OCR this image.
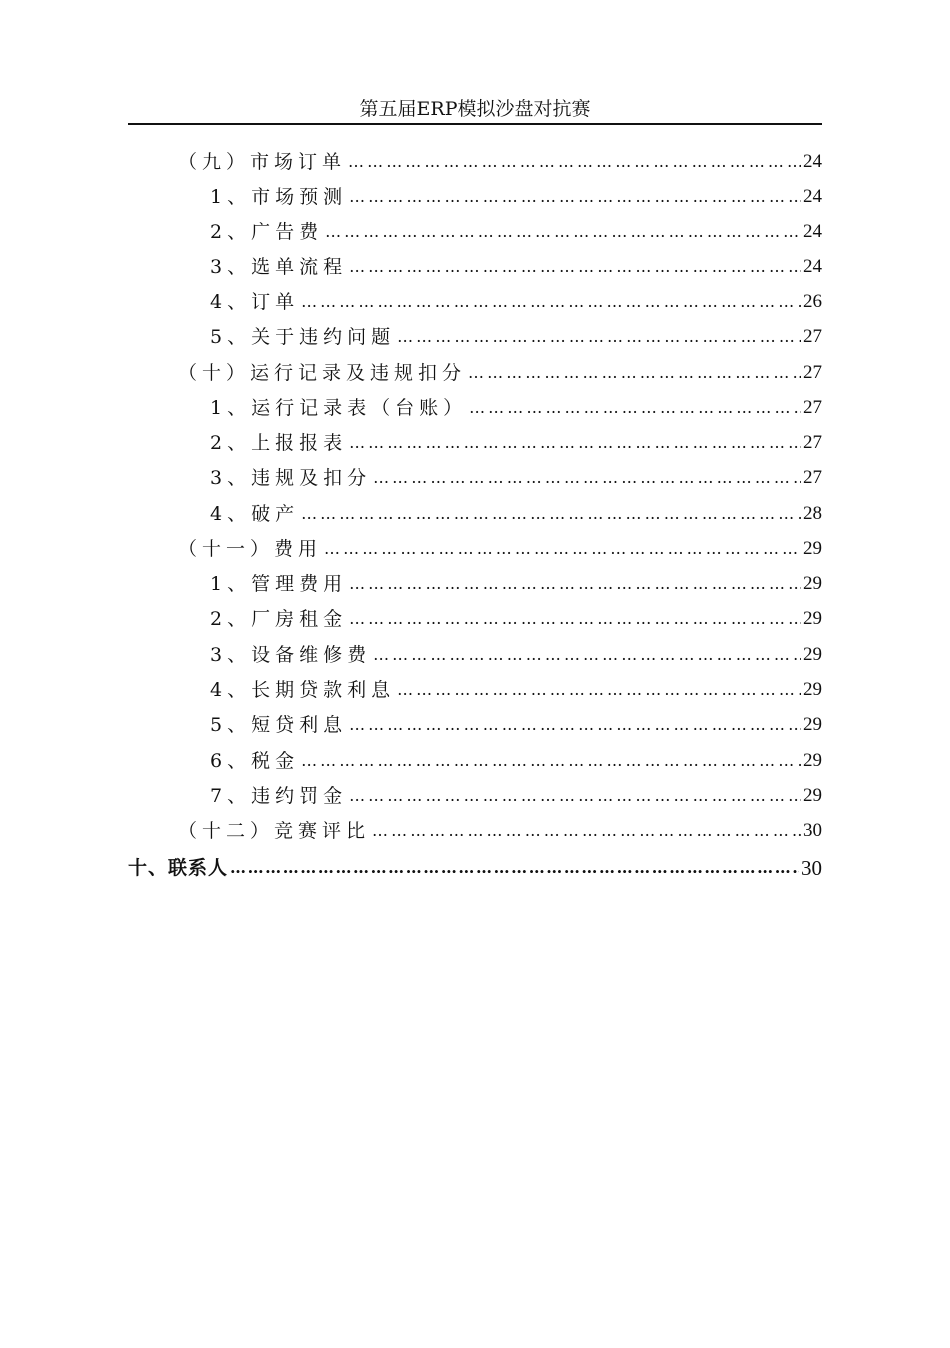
第五届ERP模拟沙盘对抗赛
（九）市场订单 … … … … … … … … … … … … … … … … … … … … … … … … … … … … … … … … … … … … … … … … … … … … … … … … … … … …	24
1、市场预测 … … … … … … … … … … … … … … … … … … … … … … … … … … … … … … … … … … … … … … … … … … … … … … … … … … … …	24
2、广告费 … … … … … … … … … … … … … … … … … … … … … … … … … … … … … … … … … … … … … … … … … … … … … … … … … … … …	24
3、选单流程 … … … … … … … … … … … … … … … … … … … … … … … … … … … … … … … … … … … … … … … … … … … … … … … … … … … …	24
4、订单 … … … … … … … … … … … … … … … … … … … … … … … … … … … … … … … … … … … … … … … … … … … … … … … … … … … …	26
5、关于违约问题 … … … … … … … … … … … … … … … … … … … … … … … … … … … … … … … … … … … … … … … … … … … … … … … … … … … …	27
（十）运行记录及违规扣分 … … … … … … … … … … … … … … … … … … … … … … … … … … … … … … … … … … … … … … … … … … … … … … … … … … … …	27
1、运行记录表（台账） … … … … … … … … … … … … … … … … … … … … … … … … … … … … … … … … … … … … … … … … … … … … … … … … … … … …	27
2、上报报表 … … … … … … … … … … … … … … … … … … … … … … … … … … … … … … … … … … … … … … … … … … … … … … … … … … … …	27
3、违规及扣分 … … … … … … … … … … … … … … … … … … … … … … … … … … … … … … … … … … … … … … … … … … … … … … … … … … … …	27
4、破产 … … … … … … … … … … … … … … … … … … … … … … … … … … … … … … … … … … … … … … … … … … … … … … … … … … … …	28
（十一）费用 … … … … … … … … … … … … … … … … … … … … … … … … … … … … … … … … … … … … … … … … … … … … … … … … … … … …	29
1、管理费用 … … … … … … … … … … … … … … … … … … … … … … … … … … … … … … … … … … … … … … … … … … … … … … … … … … … …	29
2、厂房租金 … … … … … … … … … … … … … … … … … … … … … … … … … … … … … … … … … … … … … … … … … … … … … … … … … … … …	29
3、设备维修费 … … … … … … … … … … … … … … … … … … … … … … … … … … … … … … … … … … … … … … … … … … … … … … … … … … … …	29
4、长期贷款利息 … … … … … … … … … … … … … … … … … … … … … … … … … … … … … … … … … … … … … … … … … … … … … … … … … … … …	29
5、短贷利息 … … … … … … … … … … … … … … … … … … … … … … … … … … … … … … … … … … … … … … … … … … … … … … … … … … … …	29
6、税金 … … … … … … … … … … … … … … … … … … … … … … … … … … … … … … … … … … … … … … … … … … … … … … … … … … … …	29
7、违约罚金 … … … … … … … … … … … … … … … … … … … … … … … … … … … … … … … … … … … … … … … … … … … … … … … … … … … …	29
（十二）竞赛评比 … … … … … … … … … … … … … … … … … … … … … … … … … … … … … … … … … … … … … … … … … … … … … … … … … … … …	30
十、联系人 … … … … … … … … … … … … … … … … … … … … … … … … … … … … … … … … … … … … … … … … … … … … … … … … … … … …	30
